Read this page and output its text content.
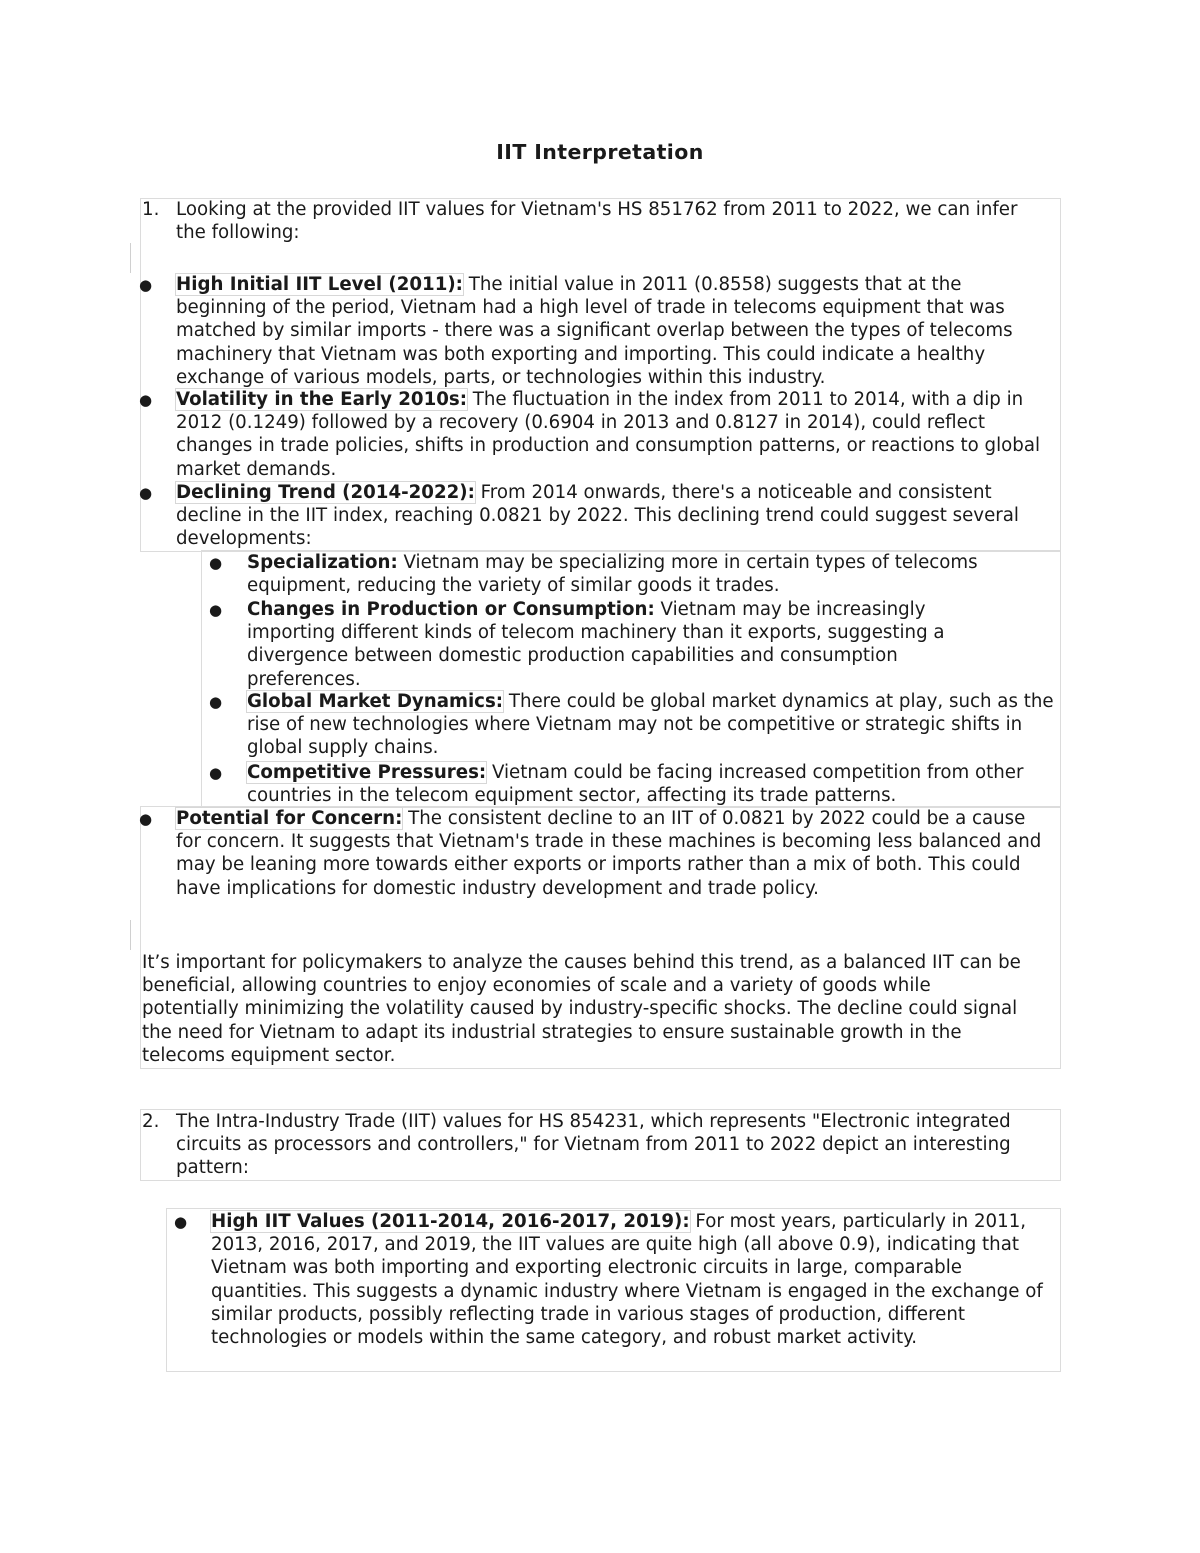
IIT Interpretation
1. Looking at the provided IIT values for Vietnam's HS 851762 from 2011 to 2022, we can infer the following:
● High Initial IIT Level (2011): The initial value in 2011 (0.8558) suggests that at the beginning of the period, Vietnam had a high level of trade in telecoms equipment that was matched by similar imports - there was a significant overlap between the types of telecoms machinery that Vietnam was both exporting and importing. This could indicate a healthy exchange of various models, parts, or technologies within this industry.
● Volatility in the Early 2010s: The fluctuation in the index from 2011 to 2014, with a dip in 2012 (0.1249) followed by a recovery (0.6904 in 2013 and 0.8127 in 2014), could reflect changes in trade policies, shifts in production and consumption patterns, or reactions to global market demands.
● Declining Trend (2014-2022): From 2014 onwards, there's a noticeable and consistent decline in the IIT index, reaching 0.0821 by 2022. This declining trend could suggest several developments:
● Specialization: Vietnam may be specializing more in certain types of telecoms equipment, reducing the variety of similar goods it trades.
● Changes in Production or Consumption: Vietnam may be increasingly importing different kinds of telecom machinery than it exports, suggesting a divergence between domestic production capabilities and consumption preferences.
● Global Market Dynamics: There could be global market dynamics at play, such as the rise of new technologies where Vietnam may not be competitive or strategic shifts in global supply chains.
● Competitive Pressures: Vietnam could be facing increased competition from other countries in the telecom equipment sector, affecting its trade patterns.
● Potential for Concern: The consistent decline to an IIT of 0.0821 by 2022 could be a cause for concern. It suggests that Vietnam's trade in these machines is becoming less balanced and may be leaning more towards either exports or imports rather than a mix of both. This could have implications for domestic industry development and trade policy.
It’s important for policymakers to analyze the causes behind this trend, as a balanced IIT can be beneficial, allowing countries to enjoy economies of scale and a variety of goods while potentially minimizing the volatility caused by industry-specific shocks. The decline could signal the need for Vietnam to adapt its industrial strategies to ensure sustainable growth in the telecoms equipment sector.
2. The Intra-Industry Trade (IIT) values for HS 854231, which represents "Electronic integrated circuits as processors and controllers," for Vietnam from 2011 to 2022 depict an interesting pattern:
● High IIT Values (2011-2014, 2016-2017, 2019): For most years, particularly in 2011, 2013, 2016, 2017, and 2019, the IIT values are quite high (all above 0.9), indicating that Vietnam was both importing and exporting electronic circuits in large, comparable quantities. This suggests a dynamic industry where Vietnam is engaged in the exchange of similar products, possibly reflecting trade in various stages of production, different technologies or models within the same category, and robust market activity.
